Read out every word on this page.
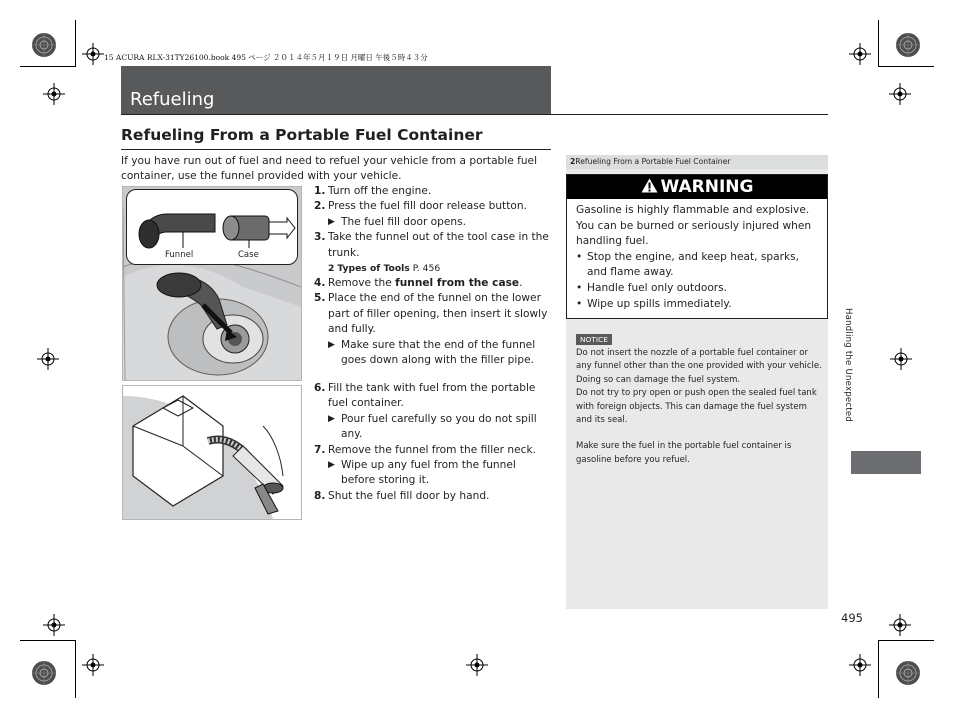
15 ACURA RLX-31TY26100.book 495 ページ ２０１４年５月１９日 月曜日 午後５時４３分
Refueling
Refueling From a Portable Fuel Container
If you have run out of fuel and need to refuel your vehicle from a portable fuel container, use the funnel provided with your vehicle.
Funnel	Case
1. Turn off the engine.
2. Press the fuel fill door release button.
▶ The fuel fill door opens.
3. Take the funnel out of the tool case in the trunk.
2 Types of Tools P. 456
4. Remove the funnel from the case.
5. Place the end of the funnel on the lower part of filler opening, then insert it slowly and fully.
▶ Make sure that the end of the funnel goes down along with the filler pipe.
6. Fill the tank with fuel from the portable fuel container.
▶ Pour fuel carefully so you do not spill any.
7. Remove the funnel from the filler neck.
▶ Wipe up any fuel from the funnel before storing it.
8. Shut the fuel fill door by hand.
2Refueling From a Portable Fuel Container
WARNING
Gasoline is highly flammable and explosive. You can be burned or seriously injured when handling fuel.
• Stop the engine, and keep heat, sparks, and flame away.
• Handle fuel only outdoors.
• Wipe up spills immediately.
NOTICE
Do not insert the nozzle of a portable fuel container or any funnel other than the one provided with your vehicle. Doing so can damage the fuel system.
Do not try to pry open or push open the sealed fuel tank with foreign objects. This can damage the fuel system and its seal.
Make sure the fuel in the portable fuel container is gasoline before you refuel.
Handling the Unexpected
495
